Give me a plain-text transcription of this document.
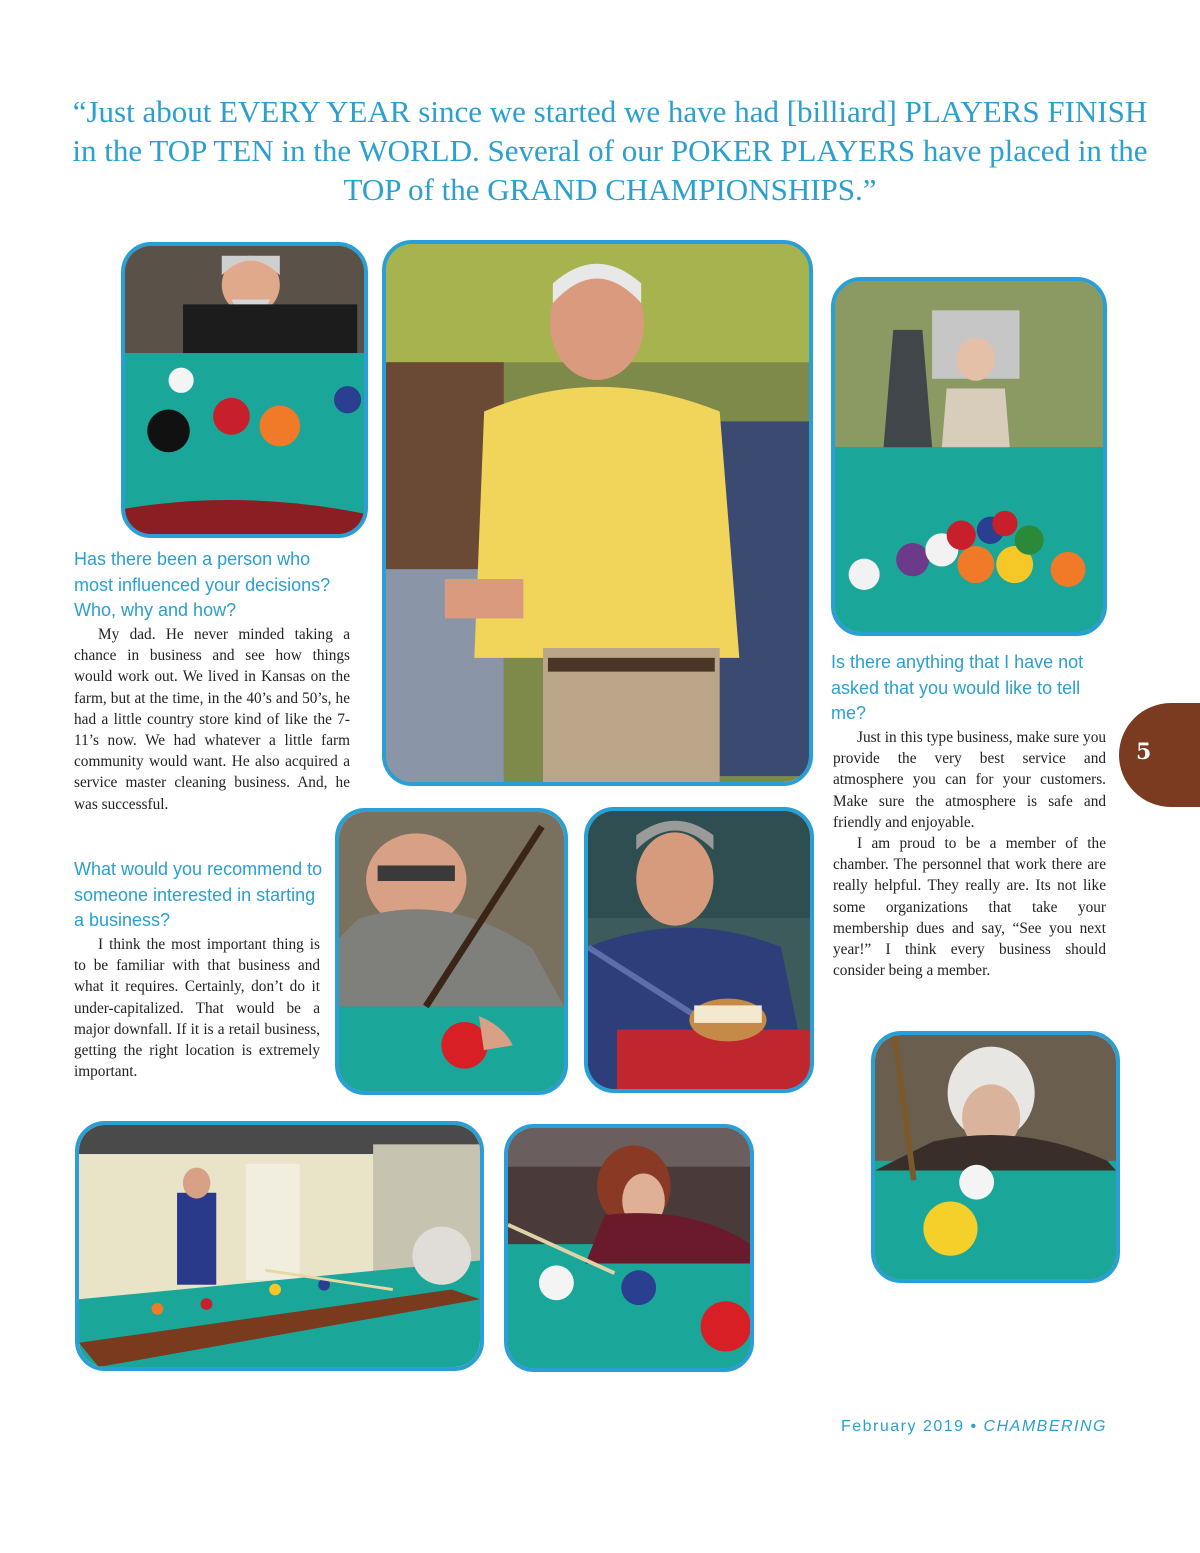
“Just about EVERY YEAR since we started we have had [billiard] PLAYERS FINISH in the TOP TEN in the WORLD. Several of our POKER PLAYERS have placed in the TOP of the GRAND CHAMPIONSHIPS.”
Has there been a person who most influenced your decisions? Who, why and how?

My dad. He never minded taking a chance in business and see how things would work out. We lived in Kansas on the farm, but at the time, in the 40’s and 50’s, he had a little country store kind of like the 7-11’s now. We had whatever a little farm community would want. He also acquired a service master cleaning business. And, he was successful.

What would you recommend to someone interested in starting a business?

I think the most important thing is to be familiar with that business and what it requires. Certainly, don’t do it under-capitalized. That would be a major downfall. If it is a retail business, getting the right location is extremely important.

Is there anything that I have not asked that you would like to tell me?

Just in this type business, make sure you provide the very best service and atmosphere you can for your customers. Make sure the atmosphere is safe and friendly and enjoyable.

I am proud to be a member of the chamber. The personnel that work there are really helpful. They really are. Its not like some organizations that take your membership dues and say, “See you next year!” I think every business should consider being a member.

5
February 2019 • CHAMBERING
